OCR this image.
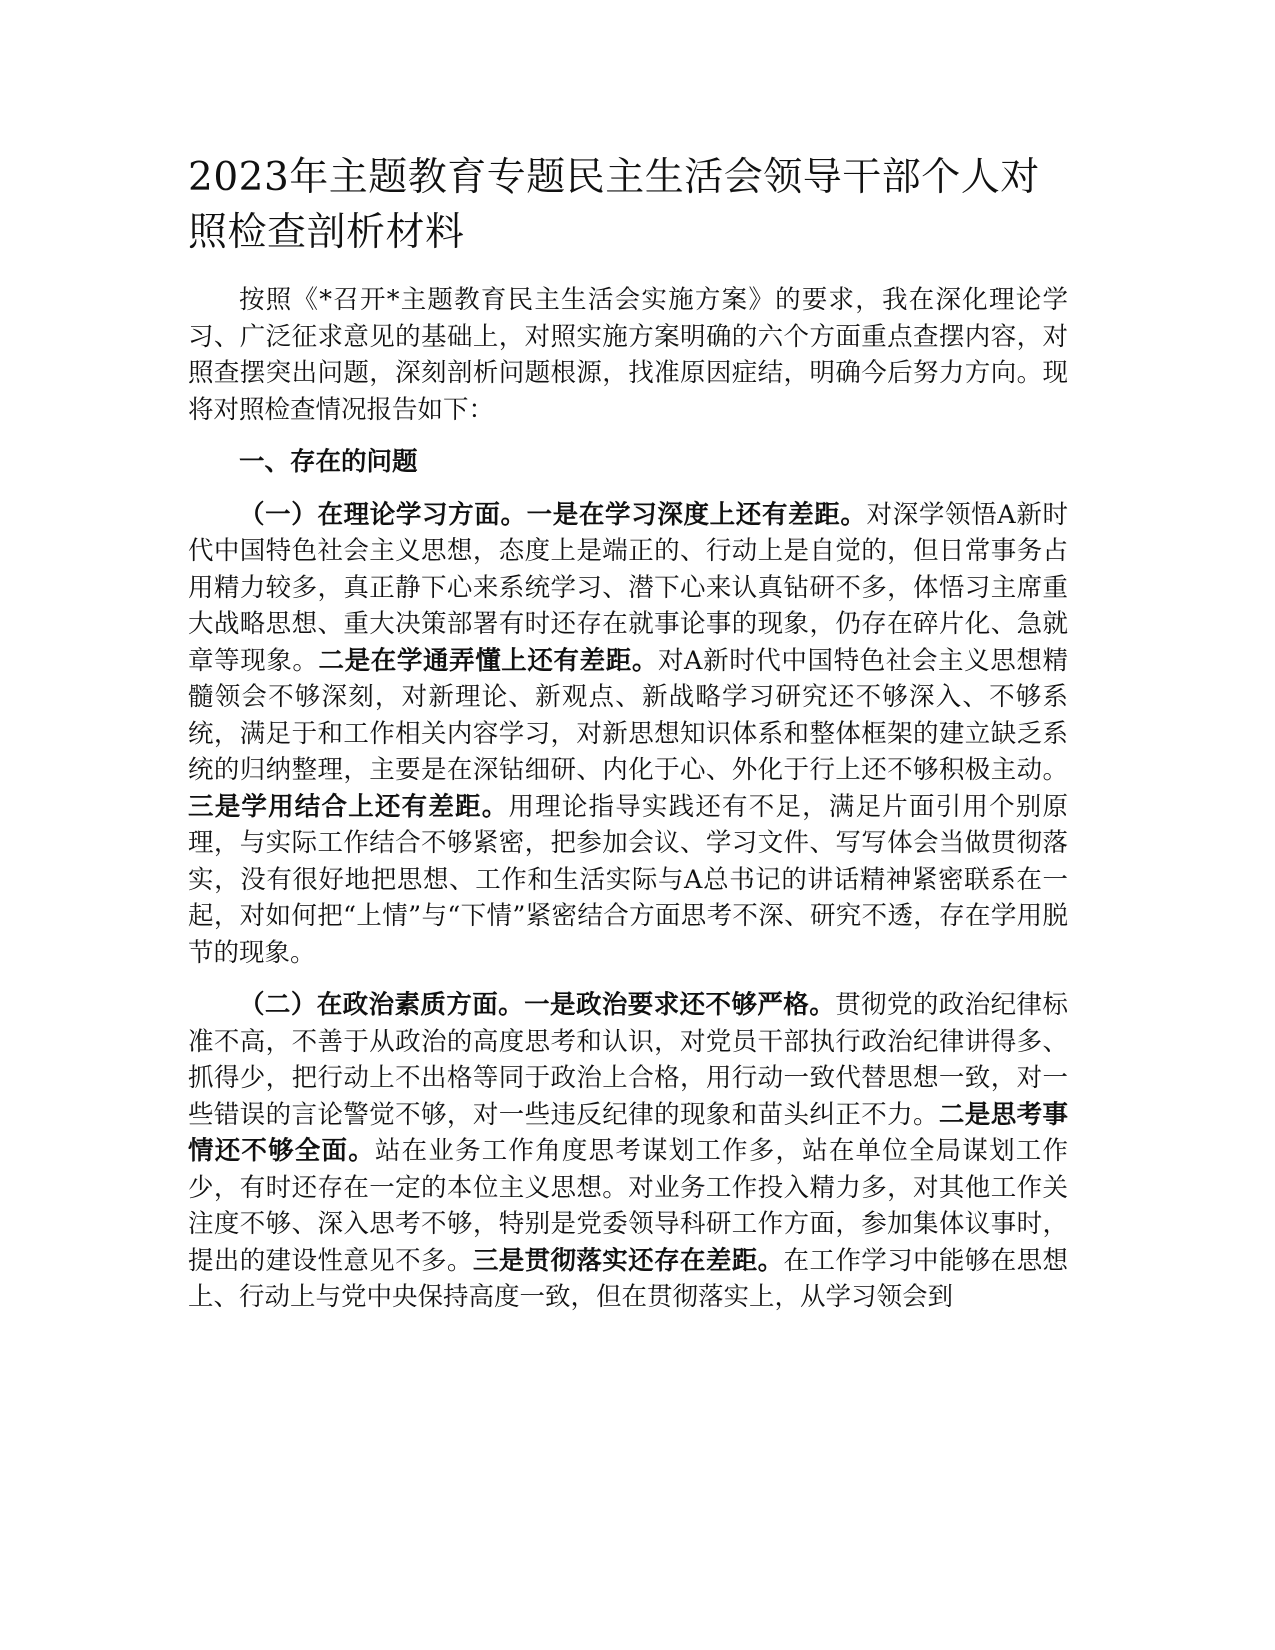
2023年主题教育专题民主生活会领导干部个人对照检查剖析材料

按照《*召开*主题教育民主生活会实施方案》的要求，我在深化理论学习、广泛征求意见的基础上，对照实施方案明确的六个方面重点查摆内容，对照查摆突出问题，深刻剖析问题根源，找准原因症结，明确今后努力方向。现将对照检查情况报告如下：

一、存在的问题

（一）在理论学习方面。一是在学习深度上还有差距。对深学领悟A新时代中国特色社会主义思想，态度上是端正的、行动上是自觉的，但日常事务占用精力较多，真正静下心来系统学习、潜下心来认真钻研不多，体悟习主席重大战略思想、重大决策部署有时还存在就事论事的现象，仍存在碎片化、急就章等现象。二是在学通弄懂上还有差距。对A新时代中国特色社会主义思想精髓领会不够深刻，对新理论、新观点、新战略学习研究还不够深入、不够系统，满足于和工作相关内容学习，对新思想知识体系和整体框架的建立缺乏系统的归纳整理，主要是在深钻细研、内化于心、外化于行上还不够积极主动。三是学用结合上还有差距。用理论指导实践还有不足，满足片面引用个别原理，与实际工作结合不够紧密，把参加会议、学习文件、写写体会当做贯彻落实，没有很好地把思想、工作和生活实际与A总书记的讲话精神紧密联系在一起，对如何把“上情”与“下情”紧密结合方面思考不深、研究不透，存在学用脱节的现象。

（二）在政治素质方面。一是政治要求还不够严格。贯彻党的政治纪律标准不高，不善于从政治的高度思考和认识，对党员干部执行政治纪律讲得多、抓得少，把行动上不出格等同于政治上合格，用行动一致代替思想一致，对一些错误的言论警觉不够，对一些违反纪律的现象和苗头纠正不力。二是思考事情还不够全面。站在业务工作角度思考谋划工作多，站在单位全局谋划工作少，有时还存在一定的本位主义思想。对业务工作投入精力多，对其他工作关注度不够、深入思考不够，特别是党委领导科研工作方面，参加集体议事时，提出的建设性意见不多。三是贯彻落实还存在差距。在工作学习中能够在思想上、行动上与党中央保持高度一致，但在贯彻落实上，从学习领会到
